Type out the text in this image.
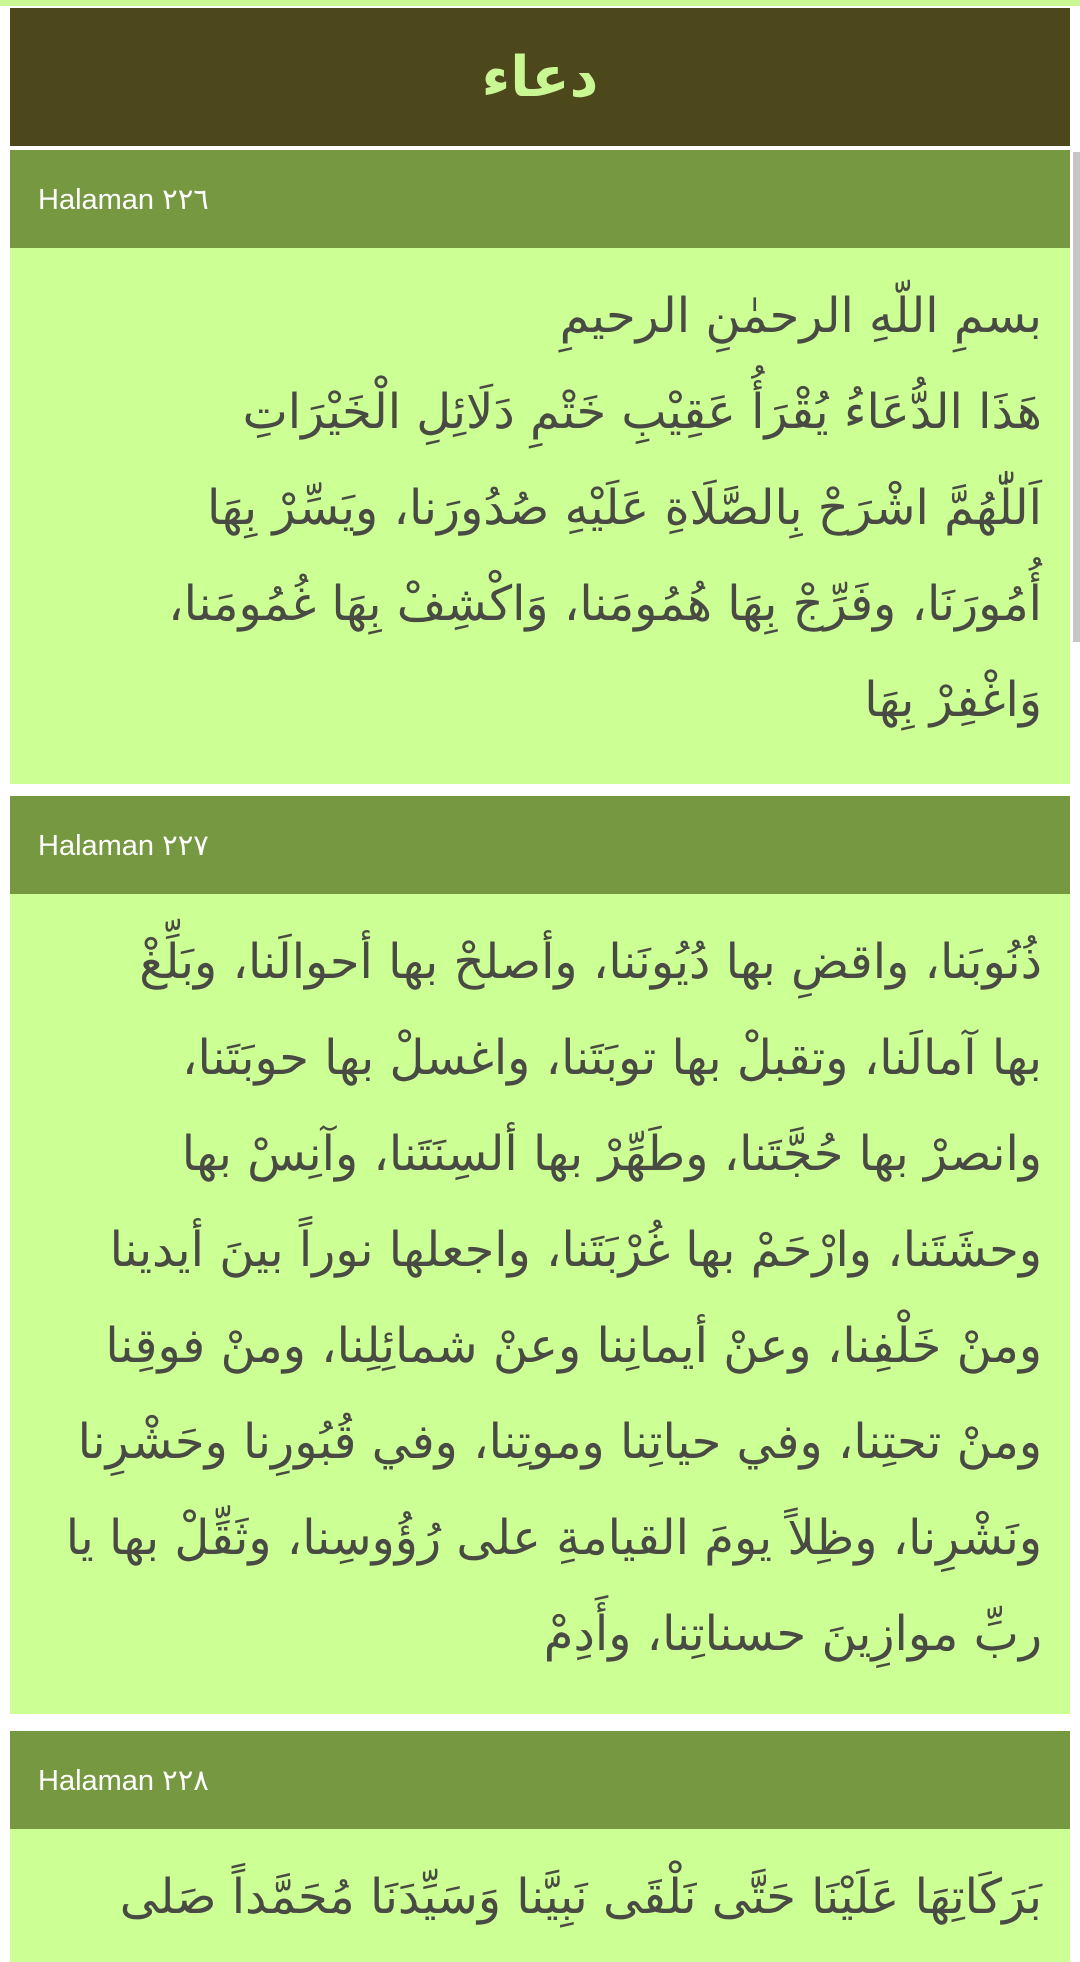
دعاء
Halaman ٢٢٦

بسمِ اللّهِ الرحمٰنِ الرحيمِ

هَذَا الدُّعَاءُ يُقْرَأُ عَقِيْبِ خَتْمِ دَلَائِلِ الْخَيْرَاتِ

اَللّٰهُمَّ اشْرَحْ بِالصَّلَاةِ عَلَيْهِ صُدُورَنا، ويَسِّرْ بِهَا

أُمُورَنَا، وفَرِّجْ بِهَا هُمُومَنا، وَاكْشِفْ بِهَا غُمُومَنا،

وَاغْفِرْ بِهَا

Halaman ٢٢٧

ذُنُوبَنا، واقضِ بها دُيُونَنا، وأصلحْ بها أحوالَنا، وبَلِّغْ

بها آمالَنا، وتقبلْ بها توبَتَنا، واغسلْ بها حوبَتَنا،

وانصرْ بها حُجَّتَنا، وطَهِّرْ بها ألسِنَتَنا، وآنِسْ بها

وحشَتَنا، وارْحَمْ بها غُرْبَتَنا، واجعلها نوراً بينَ أيدينا

ومنْ خَلْفِنا، وعنْ أيمانِنا وعنْ شمائِلِنا، ومنْ فوقِنا

ومنْ تحتِنا، وفي حياتِنا وموتِنا، وفي قُبُورِنا وحَشْرِنا

ونَشْرِنا، وظِلاً يومَ القيامةِ على رُؤُوسِنا، وثَقِّلْ بها يا

ربِّ موازِينَ حسناتِنا، وأَدِمْ

Halaman ٢٢٨

بَرَكَاتِهَا عَلَيْنَا حَتَّى نَلْقَى نَبِيَّنا وَسَيِّدَنَا مُحَمَّداً صَلى
